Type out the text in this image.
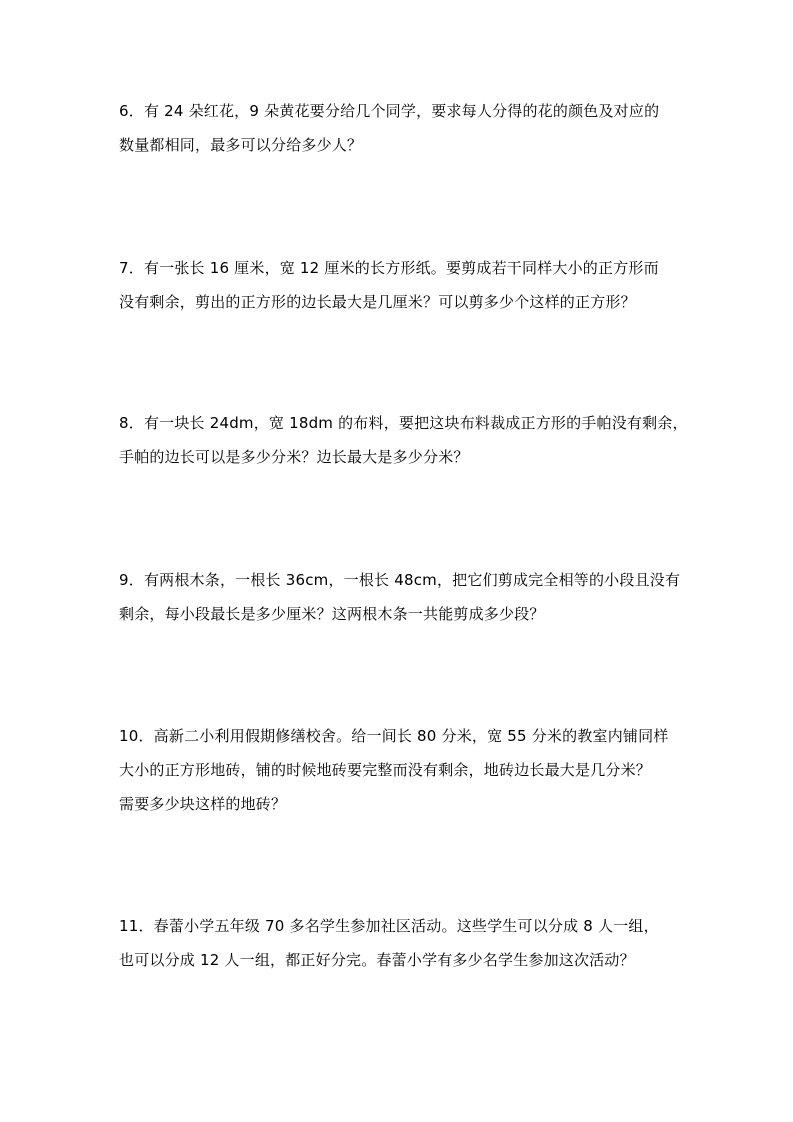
6．有 24 朵红花，9 朵黄花要分给几个同学，要求每人分得的花的颜色及对应的
数量都相同，最多可以分给多少人？

7．有一张长 16 厘米，宽 12 厘米的长方形纸。要剪成若干同样大小的正方形而
没有剩余，剪出的正方形的边长最大是几厘米？可以剪多少个这样的正方形？

8．有一块长 24dm，宽 18dm 的布料，要把这块布料裁成正方形的手帕没有剩余，
手帕的边长可以是多少分米？边长最大是多少分米？

9．有两根木条，一根长 36cm，一根长 48cm，把它们剪成完全相等的小段且没有
剩余，每小段最长是多少厘米？这两根木条一共能剪成多少段？

10．高新二小利用假期修缮校舍。给一间长 80 分米，宽 55 分米的教室内铺同样
大小的正方形地砖，铺的时候地砖要完整而没有剩余，地砖边长最大是几分米？
需要多少块这样的地砖？

11．春蕾小学五年级 70 多名学生参加社区活动。这些学生可以分成 8 人一组，
也可以分成 12 人一组，都正好分完。春蕾小学有多少名学生参加这次活动？
